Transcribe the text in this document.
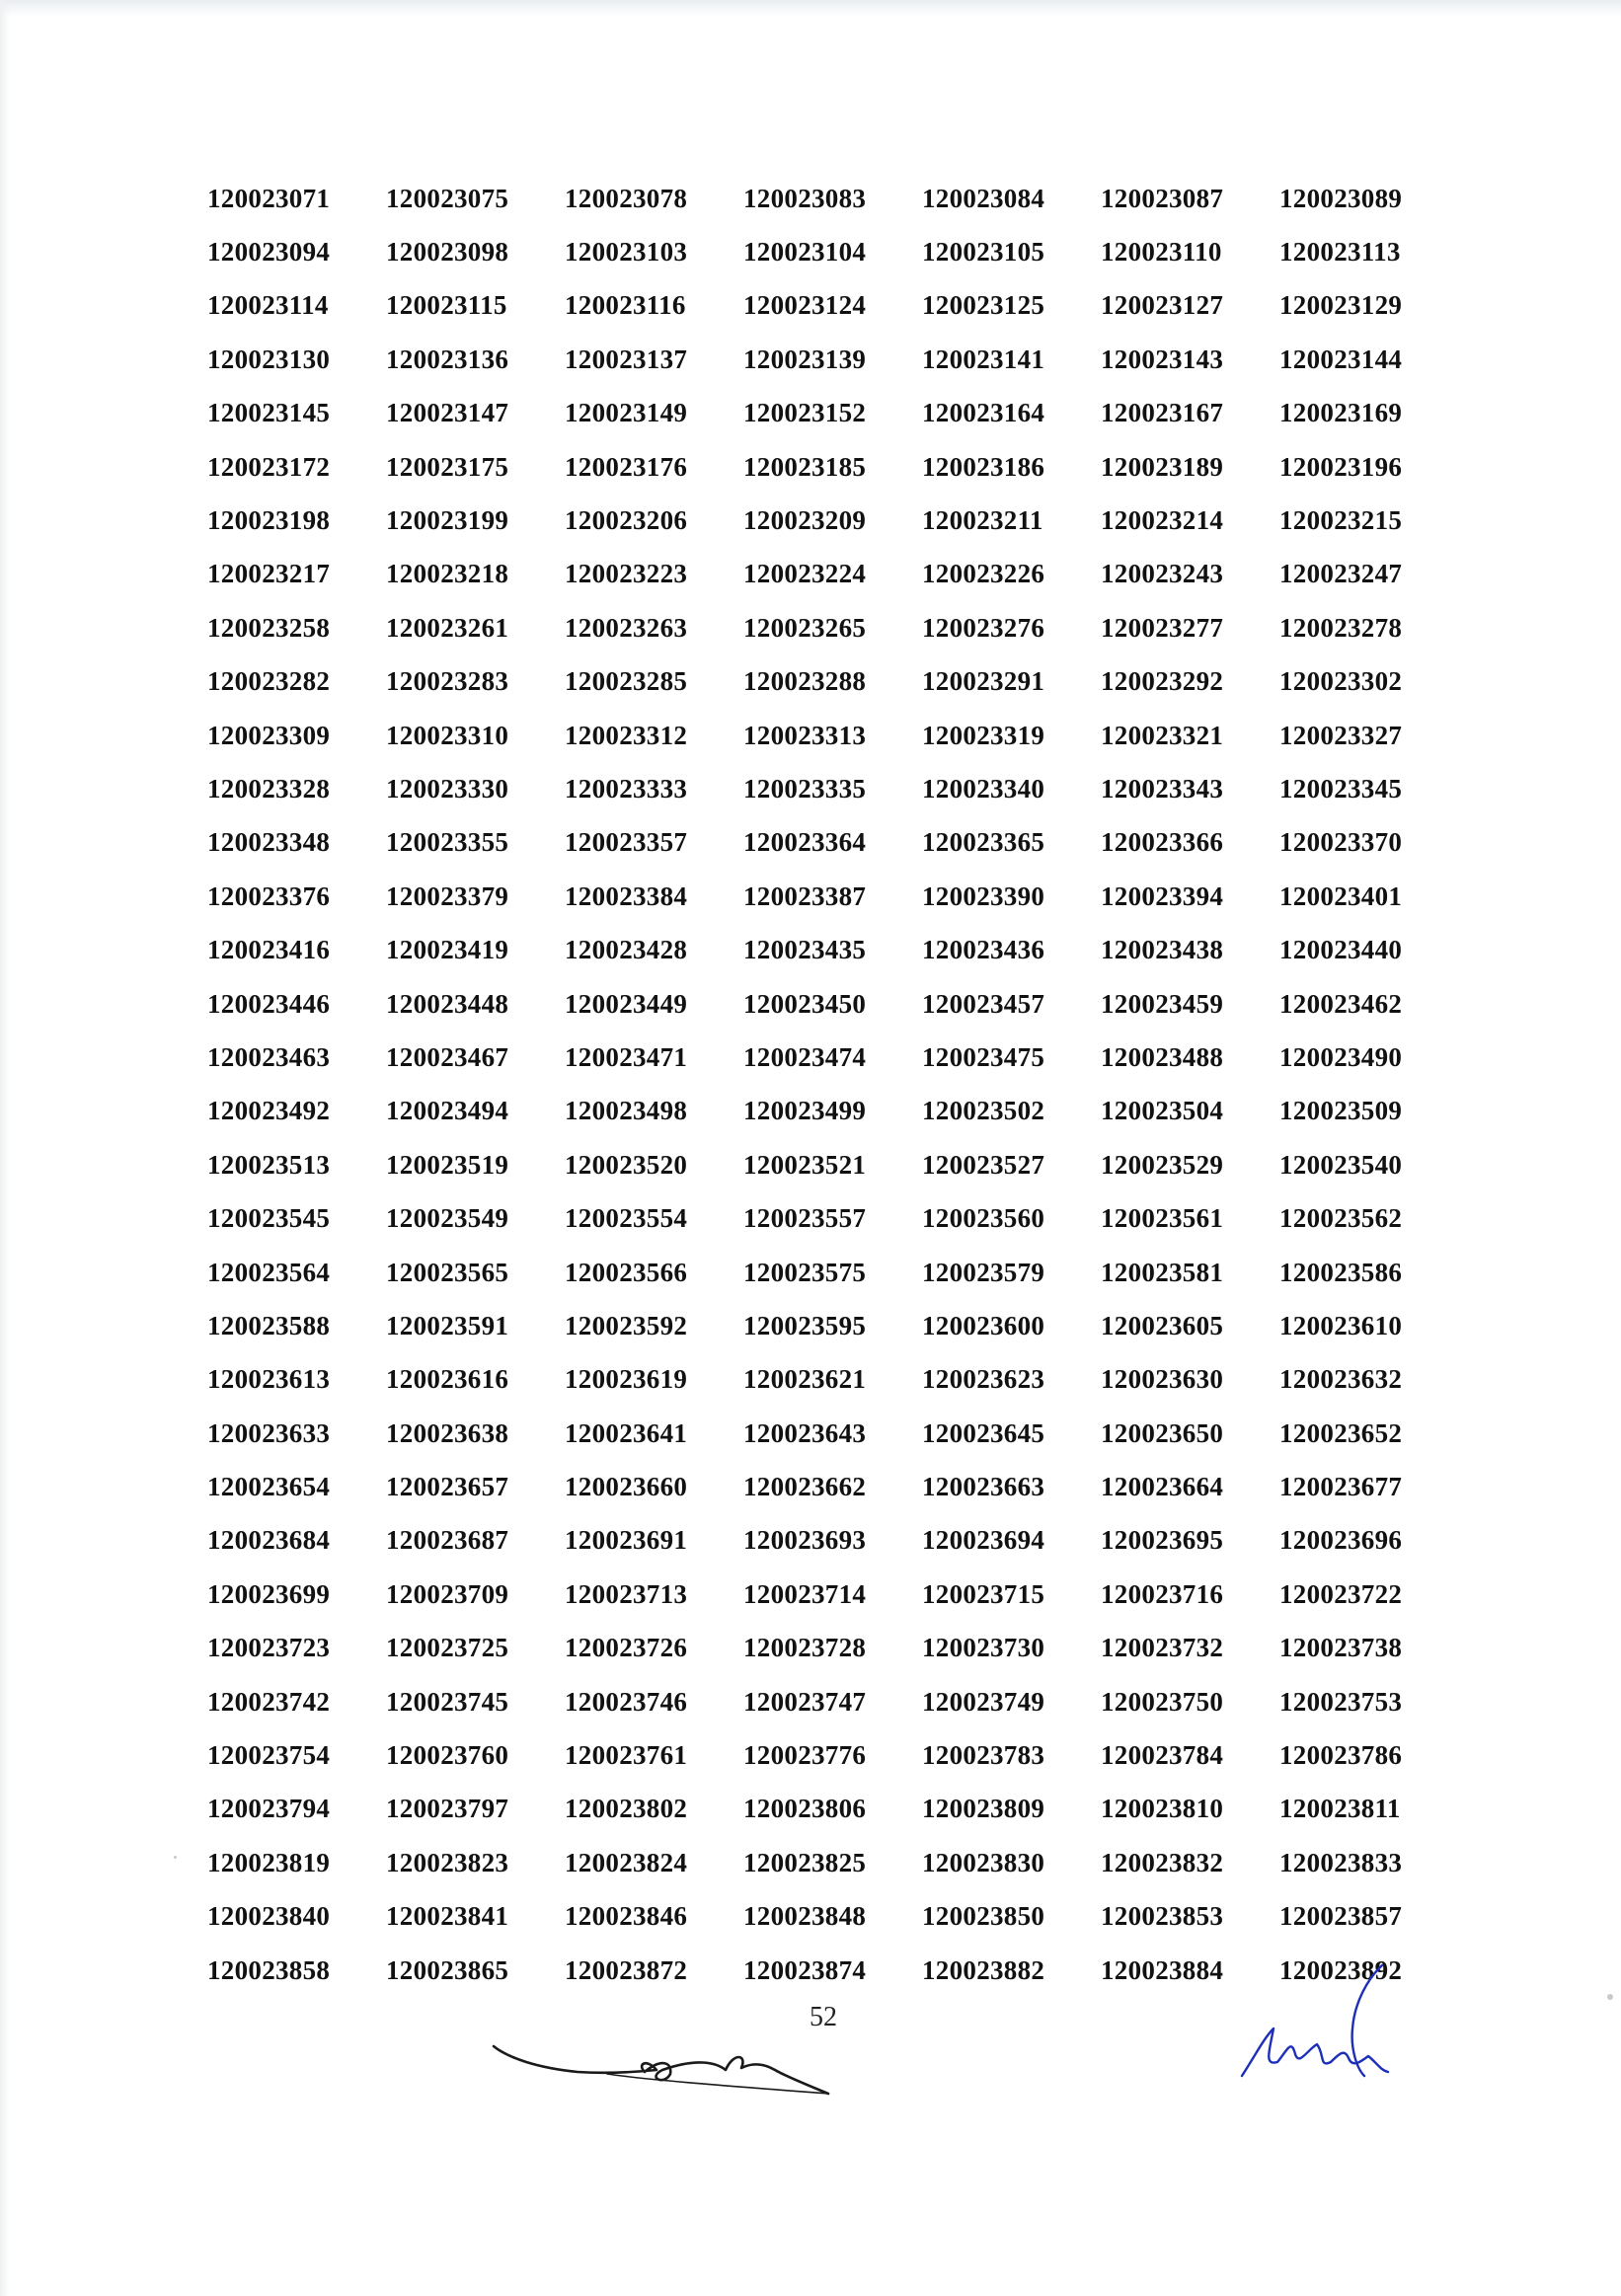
120023071	120023075	120023078	120023083	120023084	120023087	120023089
120023094	120023098	120023103	120023104	120023105	120023110	120023113
120023114	120023115	120023116	120023124	120023125	120023127	120023129
120023130	120023136	120023137	120023139	120023141	120023143	120023144
120023145	120023147	120023149	120023152	120023164	120023167	120023169
120023172	120023175	120023176	120023185	120023186	120023189	120023196
120023198	120023199	120023206	120023209	120023211	120023214	120023215
120023217	120023218	120023223	120023224	120023226	120023243	120023247
120023258	120023261	120023263	120023265	120023276	120023277	120023278
120023282	120023283	120023285	120023288	120023291	120023292	120023302
120023309	120023310	120023312	120023313	120023319	120023321	120023327
120023328	120023330	120023333	120023335	120023340	120023343	120023345
120023348	120023355	120023357	120023364	120023365	120023366	120023370
120023376	120023379	120023384	120023387	120023390	120023394	120023401
120023416	120023419	120023428	120023435	120023436	120023438	120023440
120023446	120023448	120023449	120023450	120023457	120023459	120023462
120023463	120023467	120023471	120023474	120023475	120023488	120023490
120023492	120023494	120023498	120023499	120023502	120023504	120023509
120023513	120023519	120023520	120023521	120023527	120023529	120023540
120023545	120023549	120023554	120023557	120023560	120023561	120023562
120023564	120023565	120023566	120023575	120023579	120023581	120023586
120023588	120023591	120023592	120023595	120023600	120023605	120023610
120023613	120023616	120023619	120023621	120023623	120023630	120023632
120023633	120023638	120023641	120023643	120023645	120023650	120023652
120023654	120023657	120023660	120023662	120023663	120023664	120023677
120023684	120023687	120023691	120023693	120023694	120023695	120023696
120023699	120023709	120023713	120023714	120023715	120023716	120023722
120023723	120023725	120023726	120023728	120023730	120023732	120023738
120023742	120023745	120023746	120023747	120023749	120023750	120023753
120023754	120023760	120023761	120023776	120023783	120023784	120023786
120023794	120023797	120023802	120023806	120023809	120023810	120023811
120023819	120023823	120023824	120023825	120023830	120023832	120023833
120023840	120023841	120023846	120023848	120023850	120023853	120023857
120023858	120023865	120023872	120023874	120023882	120023884	120023892
52
